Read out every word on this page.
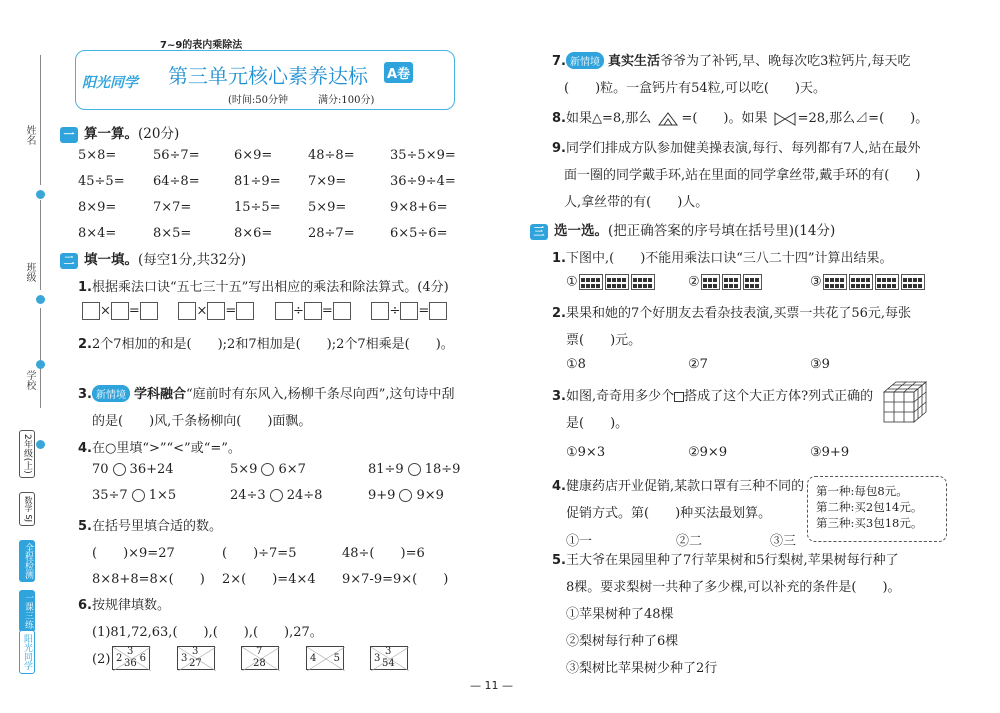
姓名
班级
学校
2年级(上)
数学 SJ
全程检测
一课三练
阳光同学
7~9的表内乘除法
阳光同学 第三单元核心素养达标 A卷
(时间:50分钟	满分:100分)
一 算一算。(20分)
5×8=	56÷7=	6×9=	48÷8=	35÷5×9=
45÷5= 64÷8=	81÷9= 7×9=	36÷9÷4=
8×9=	7×7=	15÷5= 5×9=	9×8+6=
8×4=	8×5=	8×6=	28÷7=	6×5÷6=
二 填一填。(每空1分,共32分)
1.根据乘法口诀“五七三十五”写出相应的乘法和除法算式。(4分)
× =	× =	÷ =	÷ =
2.2个7相加的和是(　　);2和7相加是(　　);2个7相乘是(　　)。
3. 新情境 学科融合“庭前时有东风入,杨柳千条尽向西”,这句诗中刮
的是(　　)风,千条杨柳向(　　)面飘。
4.在○里填“>”“<”或“=”。
70 36+24	5×9 6×7	81÷9 18÷9
35÷7 1×5	24÷3 24÷8	9+9 9×9
5.在括号里填合适的数。
(　　)×9=27	(　　)÷7=5	48÷(　　)=6
8×8+8=8×(　　) 2×(　　)=4×4 9×7-9=9×(　　)
6.按规律填数。
(1)81,72,63,(　　),(　　),(　　),27。
(2) 2
3
6
36	3
3
27
7
28	4 5	3
3
54
7. 新情境 真实生活爷爷为了补钙,早、晚每次吃3粒钙片,每天吃
(　　)粒。一盒钙片有54粒,可以吃(　　)天。
8.如果△=8,那么 =(　　)。如果 =28,那么⊿=(　　)。
9.同学们排成方队参加健美操表演,每行、每列都有7人,站在最外
面一圈的同学戴手环,站在里面的同学拿丝带,戴手环的有(　　)
人,拿丝带的有(　　)人。
三 选一选。(把正确答案的序号填在括号里)(14分)
1.下图中,(　　)不能用乘法口诀“三八二十四”计算出结果。
①	②	③

2.果果和她的7个好朋友去看杂技表演,买票一共花了56元,每张
票(　　)元。
①8	②7	③9
3.如图,奇奇用多少个 搭成了这个大正方体?列式正确的
是(　　)。
①9×3	②9×9	③9+9
4.健康药店开业促销,某款口罩有三种不同的
促销方式。第(　　)种买法最划算。
①一	②二	③三
第一种:每包8元。
第二种:买2包14元。
第三种:买3包18元。
5.王大爷在果园里种了7行苹果树和5行梨树,苹果树每行种了
8棵。要求梨树一共种了多少棵,可以补充的条件是(　　)。
①苹果树种了48棵
②梨树每行种了6棵
③梨树比苹果树少种了2行
— 11 —
